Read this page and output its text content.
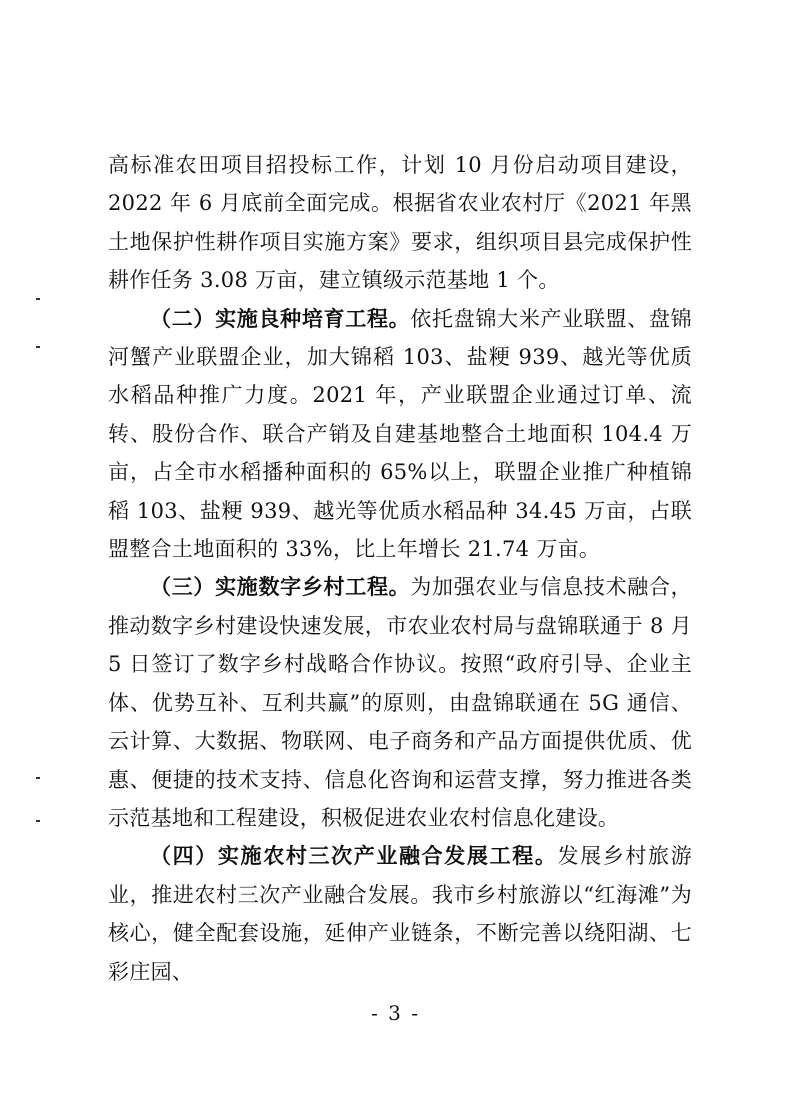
高标准农田项目招投标工作，计划 10 月份启动项目建设，2022 年 6 月底前全面完成。根据省农业农村厅《2021 年黑土地保护性耕作项目实施方案》要求，组织项目县完成保护性耕作任务 3.08 万亩，建立镇级示范基地 1 个。

（二）实施良种培育工程。依托盘锦大米产业联盟、盘锦河蟹产业联盟企业，加大锦稻 103、盐粳 939、越光等优质水稻品种推广力度。2021 年，产业联盟企业通过订单、流转、股份合作、联合产销及自建基地整合土地面积 104.4 万亩，占全市水稻播种面积的 65%以上，联盟企业推广种植锦稻 103、盐粳 939、越光等优质水稻品种 34.45 万亩，占联盟整合土地面积的 33%，比上年增长 21.74 万亩。

（三）实施数字乡村工程。为加强农业与信息技术融合，推动数字乡村建设快速发展，市农业农村局与盘锦联通于 8 月 5 日签订了数字乡村战略合作协议。按照“政府引导、企业主体、优势互补、互利共赢”的原则，由盘锦联通在 5G 通信、云计算、大数据、物联网、电子商务和产品方面提供优质、优惠、便捷的技术支持、信息化咨询和运营支撑，努力推进各类示范基地和工程建设，积极促进农业农村信息化建设。

（四）实施农村三次产业融合发展工程。发展乡村旅游业，推进农村三次产业融合发展。我市乡村旅游以“红海滩”为核心，健全配套设施，延伸产业链条，不断完善以绕阳湖、七彩庄园、

- 3 -
